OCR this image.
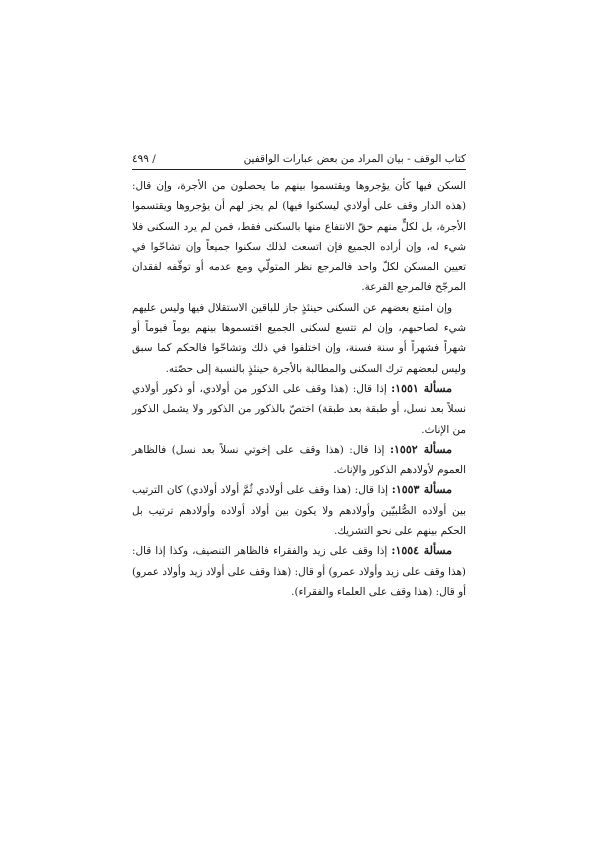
كتاب الوقف - بيان المراد من بعض عبارات الواقفين
/ ٤٩٩

السكن فيها كأن يؤجروها ويقتسموا بينهم ما يحصلون من الأجرة، وإن قال: (هذه الدار وقف على أولادي ليسكنوا فيها) لم يجز لهم أن يؤجروها ويقتسموا الأجرة، بل لكلٍّ منهم حقّ الانتفاع منها بالسكنى فقط، فمن لم يرد السكنى فلا شيء له، وإن أراده الجميع فإن اتسعت لذلك سكنوا جميعاً وإن تشاحّوا في تعيين المسكن لكلّ واحد فالمرجع نظر المتولّي ومع عدمه أو توقّفه لفقدان المرجّح فالمرجع القرعة.

وإن امتنع بعضهم عن السكنى حينئذٍ جاز للباقين الاستقلال فيها وليس عليهم شيء لصاحبهم، وإن لم تتسع لسكنى الجميع اقتسموها بينهم يوماً فيوماً أو شهراً فشهراً أو سنة فسنة، وإن اختلفوا في ذلك وتشاحّوا فالحكم كما سبق وليس لبعضهم ترك السكنى والمطالبة بالأجرة حينئذٍ بالنسبة إلى حصّته.

مسألة ١٥٥١: إذا قال: (هذا وقف على الذكور من أولادي، أو ذكور أولادي نسلاً بعد نسل، أو طبقة بعد طبقة) اختصّ بالذكور من الذكور ولا يشمل الذكور من الإناث.

مسألة ١٥٥٢: إذا قال: (هذا وقف على إخوتي نسلاً بعد نسل) فالظاهر العموم لأولادهم الذكور والإناث.

مسألة ١٥٥٣: إذا قال: (هذا وقف على أولادي ثُمَّ أولاد أولادي) كان الترتيب بين أولاده الصُّلبيّين وأولادهم ولا يكون بين أولاد أولاده وأولادهم ترتيب بل الحكم بينهم على نحو التشريك.

مسألة ١٥٥٤: إذا وقف على زيد والفقراء فالظاهر التنصيف، وكذا إذا قال: (هذا وقف على زيد وأولاد عمرو) أو قال: (هذا وقف على أولاد زيد وأولاد عمرو) أو قال: (هذا وقف على العلماء والفقراء).
